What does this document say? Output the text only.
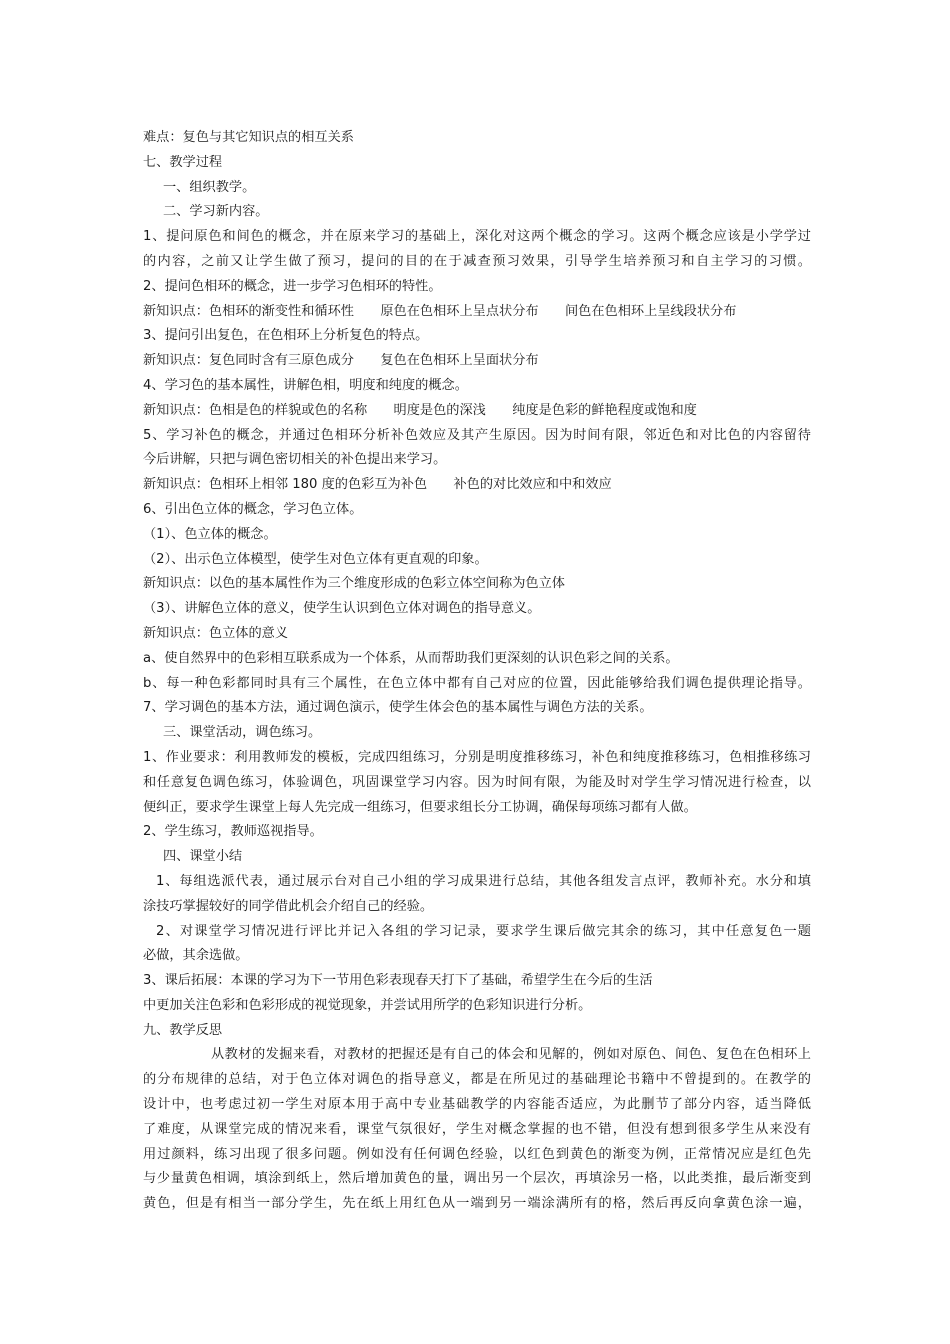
难点：复色与其它知识点的相互关系
七、教学过程
一、组织教学。
二、学习新内容。
1、提问原色和间色的概念，并在原来学习的基础上，深化对这两个概念的学习。这两个概念应该是小学学过
的内容，之前又让学生做了预习，提问的目的在于减查预习效果，引导学生培养预习和自主学习的习惯。
2、提问色相环的概念，进一步学习色相环的特性。
新知识点：色相环的渐变性和循环性　　原色在色相环上呈点状分布　　间色在色相环上呈线段状分布
3、提问引出复色，在色相环上分析复色的特点。
新知识点：复色同时含有三原色成分　　复色在色相环上呈面状分布
4、学习色的基本属性，讲解色相，明度和纯度的概念。
新知识点：色相是色的样貌或色的名称　　明度是色的深浅　　纯度是色彩的鲜艳程度或饱和度
5、学习补色的概念，并通过色相环分析补色效应及其产生原因。因为时间有限，邻近色和对比色的内容留待
今后讲解，只把与调色密切相关的补色提出来学习。
新知识点：色相环上相邻 180 度的色彩互为补色　　补色的对比效应和中和效应
6、引出色立体的概念，学习色立体。
（1）、色立体的概念。
（2）、出示色立体模型，使学生对色立体有更直观的印象。
新知识点：以色的基本属性作为三个维度形成的色彩立体空间称为色立体
（3）、讲解色立体的意义，使学生认识到色立体对调色的指导意义。
新知识点：色立体的意义
a、使自然界中的色彩相互联系成为一个体系，从而帮助我们更深刻的认识色彩之间的关系。
b、每一种色彩都同时具有三个属性，在色立体中都有自己对应的位置，因此能够给我们调色提供理论指导。
7、学习调色的基本方法，通过调色演示，使学生体会色的基本属性与调色方法的关系。
三、课堂活动，调色练习。
1、作业要求：利用教师发的模板，完成四组练习，分别是明度推移练习，补色和纯度推移练习，色相推移练习
和任意复色调色练习，体验调色，巩固课堂学习内容。因为时间有限，为能及时对学生学习情况进行检查，以
便纠正，要求学生课堂上每人先完成一组练习，但要求组长分工协调，确保每项练习都有人做。
2、学生练习，教师巡视指导。
四、课堂小结
1、每组选派代表，通过展示台对自己小组的学习成果进行总结，其他各组发言点评，教师补充。水分和填
涂技巧掌握较好的同学借此机会介绍自己的经验。
2、对课堂学习情况进行评比并记入各组的学习记录，要求学生课后做完其余的练习，其中任意复色一题
必做，其余选做。
3、课后拓展：本课的学习为下一节用色彩表现春天打下了基础，希望学生在今后的生活
中更加关注色彩和色彩形成的视觉现象，并尝试用所学的色彩知识进行分析。
九、教学反思
从教材的发掘来看，对教材的把握还是有自己的体会和见解的，例如对原色、间色、复色在色相环上
的分布规律的总结，对于色立体对调色的指导意义，都是在所见过的基础理论书籍中不曾提到的。在教学的
设计中，也考虑过初一学生对原本用于高中专业基础教学的内容能否适应，为此删节了部分内容，适当降低
了难度，从课堂完成的情况来看，课堂气氛很好，学生对概念掌握的也不错，但没有想到很多学生从来没有
用过颜料，练习出现了很多问题。例如没有任何调色经验，以红色到黄色的渐变为例，正常情况应是红色先
与少量黄色相调，填涂到纸上，然后增加黄色的量，调出另一个层次，再填涂另一格，以此类推，最后渐变到
黄色，但是有相当一部分学生，先在纸上用红色从一端到另一端涂满所有的格，然后再反向拿黄色涂一遍，
